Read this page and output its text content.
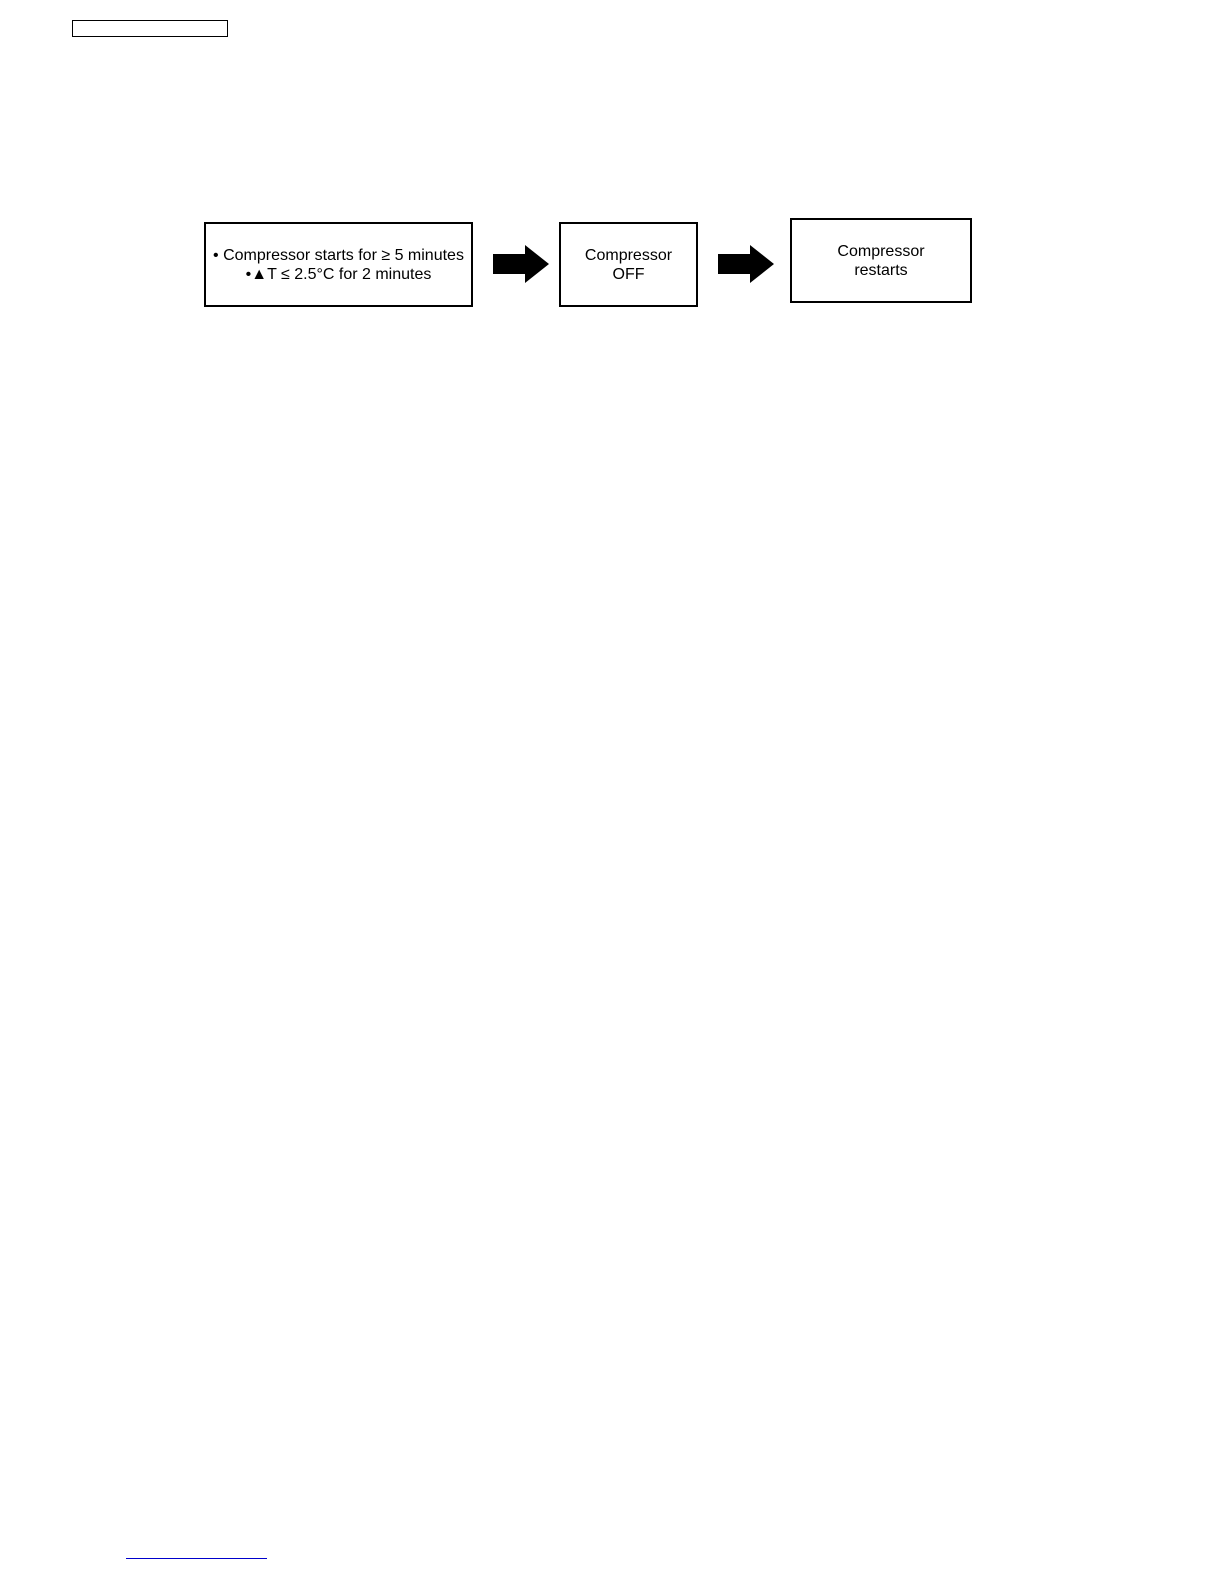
• Compressor starts for ≥ 5 minutes
•▲T ≤ 2.5°C for 2 minutes
Compressor
OFF
Compressor
restarts
